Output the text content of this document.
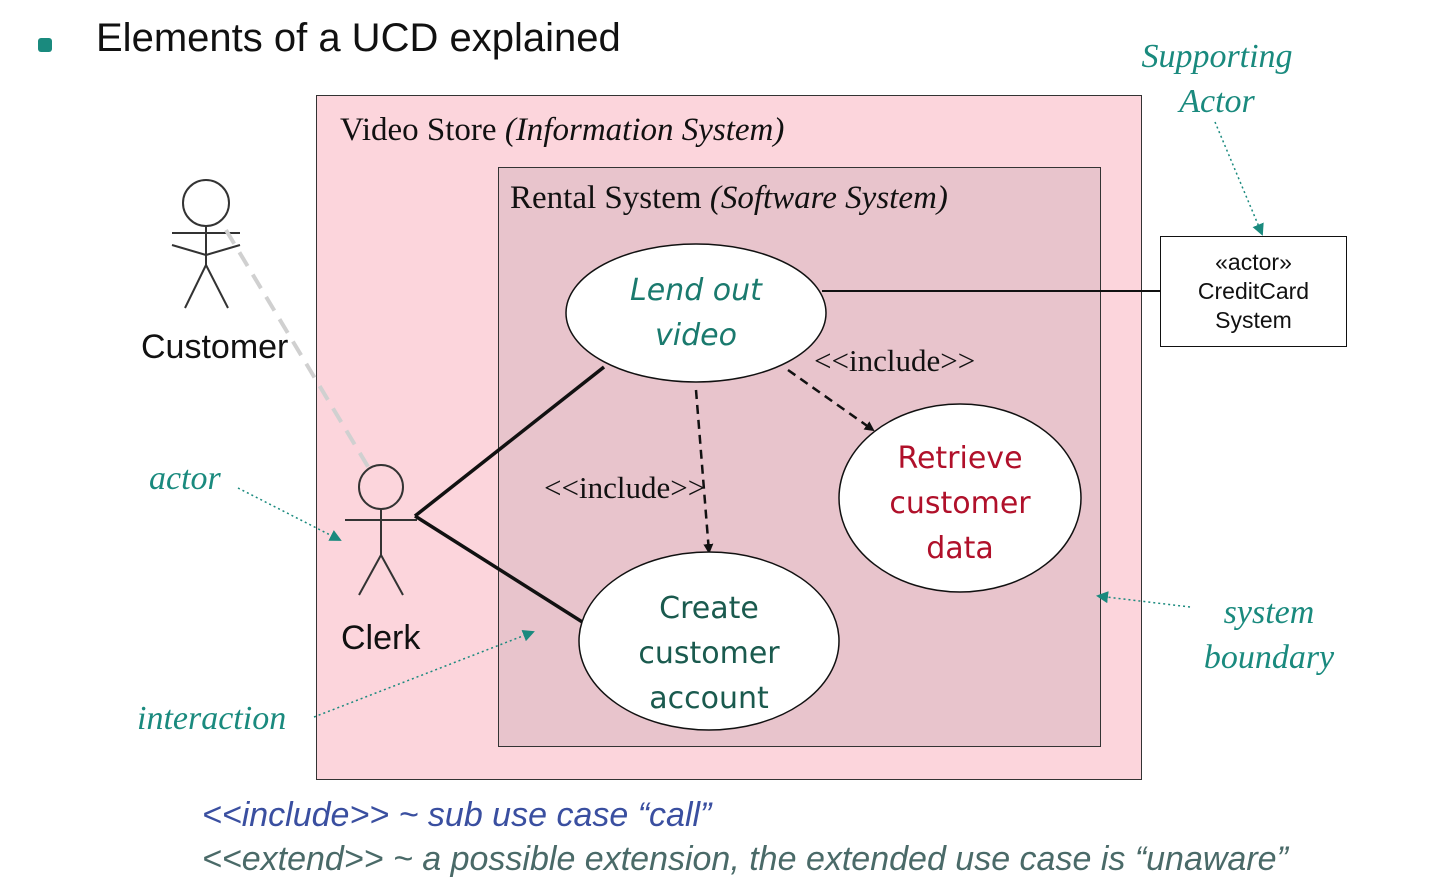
Elements of a UCD explained
Video Store (Information System)
Rental System (Software System)
Customer
Clerk
«actor»
CreditCard
System
Lend out
video
Retrieve
customer
data
Create
customer
account
<<include>>
<<include>>
Supporting
Actor
actor
interaction
system
boundary
<<include>> ~ sub use case “call”
<<extend>> ~ a possible extension, the extended use case is “unaware”
